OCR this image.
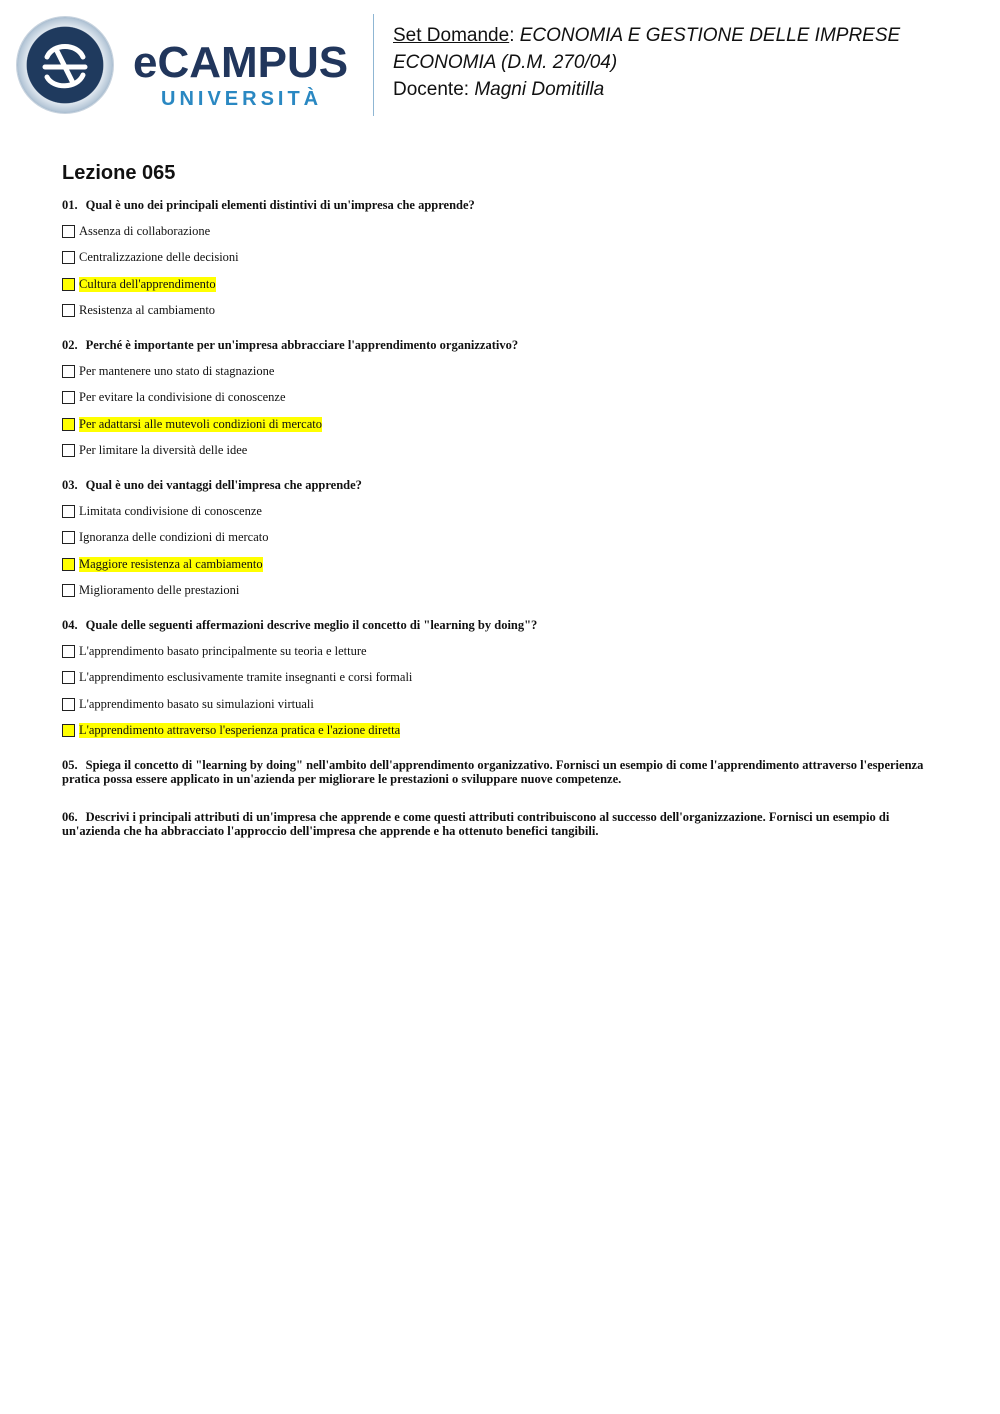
eCAMPUS
UNIVERSITÀ
Set Domande: ECONOMIA E GESTIONE DELLE IMPRESE
ECONOMIA (D.M. 270/04)
Docente: Magni Domitilla
Lezione 065
01. Qual è uno dei principali elementi distintivi di un'impresa che apprende?
Assenza di collaborazione
Centralizzazione delle decisioni
Cultura dell'apprendimento
Resistenza al cambiamento
02. Perché è importante per un'impresa abbracciare l'apprendimento organizzativo?
Per mantenere uno stato di stagnazione
Per evitare la condivisione di conoscenze
Per adattarsi alle mutevoli condizioni di mercato
Per limitare la diversità delle idee
03. Qual è uno dei vantaggi dell'impresa che apprende?
Limitata condivisione di conoscenze
Ignoranza delle condizioni di mercato
Maggiore resistenza al cambiamento
Miglioramento delle prestazioni
04. Quale delle seguenti affermazioni descrive meglio il concetto di "learning by doing"?
L'apprendimento basato principalmente su teoria e letture
L'apprendimento esclusivamente tramite insegnanti e corsi formali
L'apprendimento basato su simulazioni virtuali
L'apprendimento attraverso l'esperienza pratica e l'azione diretta
05. Spiega il concetto di "learning by doing" nell'ambito dell'apprendimento organizzativo. Fornisci un esempio di come l'apprendimento attraverso l'esperienza pratica possa essere applicato in un'azienda per migliorare le prestazioni o sviluppare nuove competenze.
06. Descrivi i principali attributi di un'impresa che apprende e come questi attributi contribuiscono al successo dell'organizzazione. Fornisci un esempio di un'azienda che ha abbracciato l'approccio dell'impresa che apprende e ha ottenuto benefici tangibili.
